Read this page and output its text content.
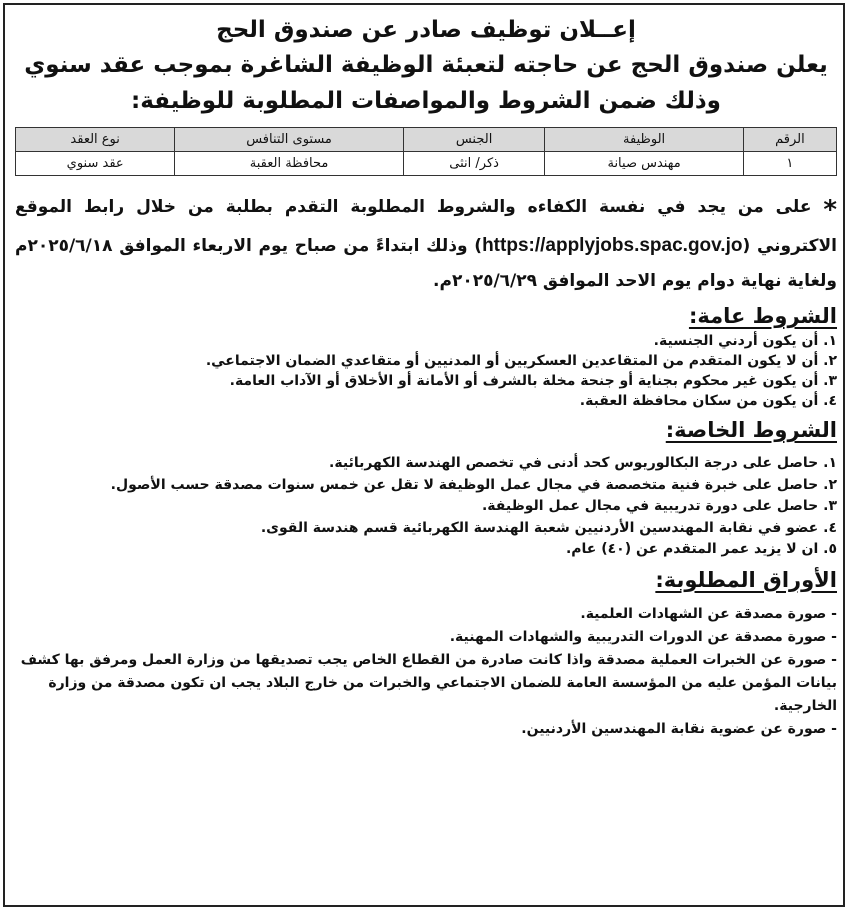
إعــلان توظيف صادر عن صندوق الحج
يعلن صندوق الحج عن حاجته لتعبئة الوظيفة الشاغرة بموجب عقد سنوي
وذلك ضمن الشروط والمواصفات المطلوبة للوظيفة:
الرقم	الوظيفة	الجنس	مستوى التنافس	نوع العقد
١	مهندس صيانة	ذكر/ انثى	محافظة العقبة	عقد سنوي
* على من يجد في نفسة الكفاءه والشروط المطلوبة التقدم بطلبة من خلال رابط الموقع الاكتروني (https://applyjobs.spac.gov.jo) وذلك ابتداءً من صباح يوم الاربعاء الموافق ٢٠٢٥/٦/١٨م ولغاية نهاية دوام يوم الاحد الموافق ٢٠٢٥/٦/٢٩م.
الشروط عامة:
١. أن يكون أردني الجنسية.
٢. أن لا يكون المتقدم من المتقاعدين العسكريين أو المدنيين أو متقاعدي الضمان الاجتماعي.
٣. أن يكون غير محكوم بجناية أو جنحة مخلة بالشرف أو الأمانة أو الأخلاق أو الآداب العامة.
٤. أن يكون من سكان محافظة العقبة.
الشروط الخاصة:
١. حاصل على درجة البكالوريوس كحد أدنى في تخصص الهندسة الكهربائية.
٢. حاصل على خبرة فنية متخصصة في مجال عمل الوظيفة لا تقل عن خمس سنوات مصدقة حسب الأصول.
٣. حاصل على دورة تدريبية في مجال عمل الوظيفة.
٤. عضو في نقابة المهندسين الأردنيين شعبة الهندسة الكهربائية قسم هندسة القوى.
٥. ان لا يزيد عمر المتقدم عن (٤٠) عام.
الأوراق المطلوبة:
- صورة مصدقة عن الشهادات العلمية.
- صورة مصدقة عن الدورات التدريبية والشهادات المهنية.
- صورة عن الخبرات العملية مصدقة واذا كانت صادرة من القطاع الخاص يجب تصديقها من وزارة العمل ومرفق بها كشف بيانات المؤمن عليه من المؤسسة العامة للضمان الاجتماعي والخبرات من خارج البلاد يجب ان تكون مصدقة من وزارة الخارجية.
- صورة عن عضوية نقابة المهندسين الأردنيين.
